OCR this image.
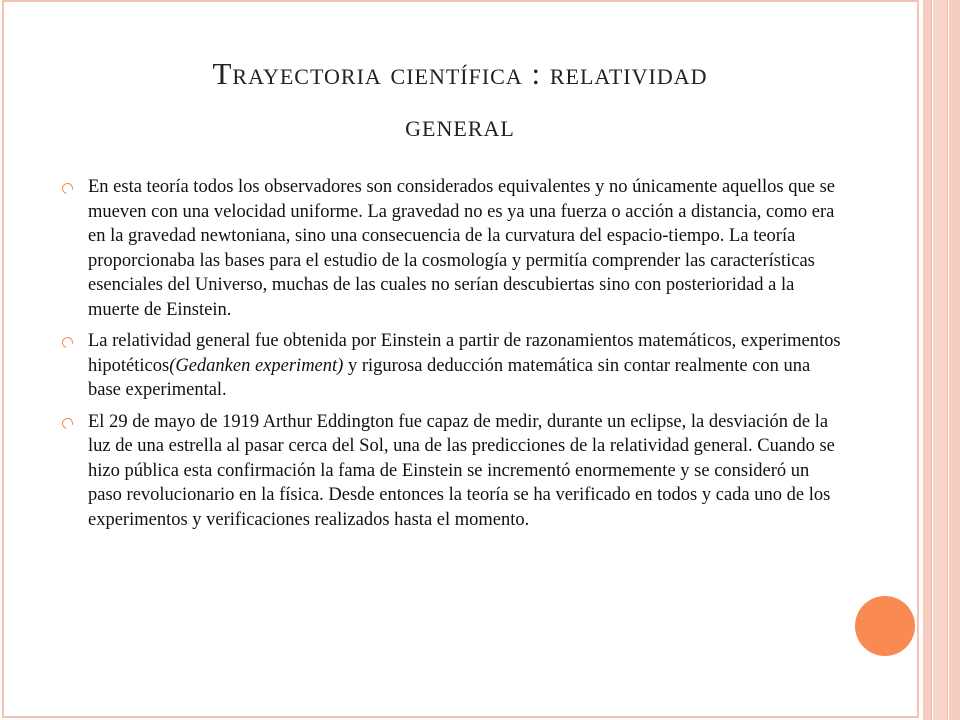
Trayectoria científica : relatividad
general
En esta teoría todos los observadores son considerados equivalentes y no únicamente aquellos que se mueven con una velocidad uniforme. La gravedad no es ya una fuerza o acción a distancia, como era en la gravedad newtoniana, sino una consecuencia de la curvatura del espacio-tiempo. La teoría proporcionaba las bases para el estudio de la cosmología y permitía comprender las características esenciales del Universo, muchas de las cuales no serían descubiertas sino con posterioridad a la muerte de Einstein.
La relatividad general fue obtenida por Einstein a partir de razonamientos matemáticos, experimentos hipotéticos(Gedanken experiment) y rigurosa deducción matemática sin contar realmente con una base experimental.
El 29 de mayo de 1919 Arthur Eddington fue capaz de medir, durante un eclipse, la desviación de la luz de una estrella al pasar cerca del Sol, una de las predicciones de la relatividad general. Cuando se hizo pública esta confirmación la fama de Einstein se incrementó enormemente y se consideró un paso revolucionario en la física. Desde entonces la teoría se ha verificado en todos y cada uno de los experimentos y verificaciones realizados hasta el momento.
